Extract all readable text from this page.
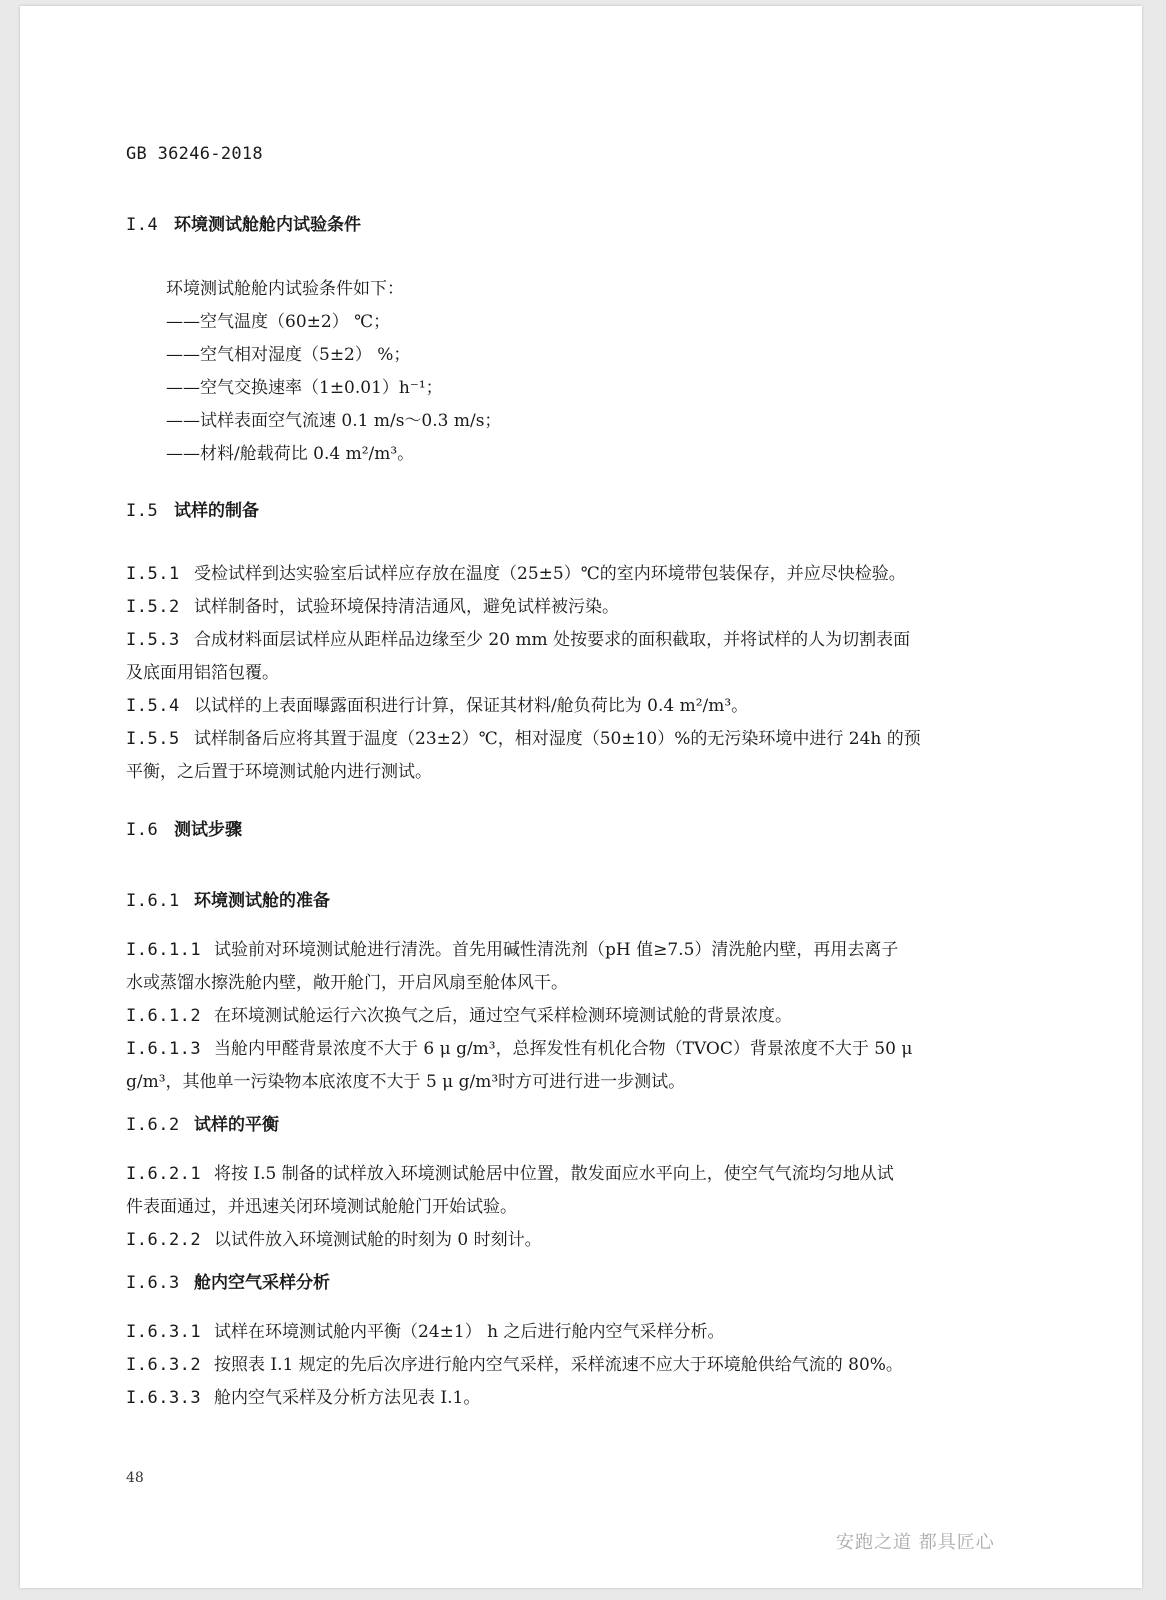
GB 36246-2018
I.4 环境测试舱舱内试验条件
环境测试舱舱内试验条件如下：
——空气温度（60±2） ℃；
——空气相对湿度（5±2） %；
——空气交换速率（1±0.01）h⁻¹；
——试样表面空气流速 0.1 m/s～0.3 m/s；
——材料/舱载荷比 0.4 m²/m³。
I.5 试样的制备
I.5.1 受检试样到达实验室后试样应存放在温度（25±5）℃的室内环境带包装保存，并应尽快检验。
I.5.2 试样制备时，试验环境保持清洁通风，避免试样被污染。
I.5.3 合成材料面层试样应从距样品边缘至少 20 mm 处按要求的面积截取，并将试样的人为切割表面
及底面用铝箔包覆。
I.5.4 以试样的上表面曝露面积进行计算，保证其材料/舱负荷比为 0.4 m²/m³。
I.5.5 试样制备后应将其置于温度（23±2）℃，相对湿度（50±10）%的无污染环境中进行 24h 的预
平衡，之后置于环境测试舱内进行测试。
I.6 测试步骤
I.6.1 环境测试舱的准备
I.6.1.1 试验前对环境测试舱进行清洗。首先用碱性清洗剂（pH 值≥7.5）清洗舱内壁，再用去离子
水或蒸馏水擦洗舱内壁，敞开舱门，开启风扇至舱体风干。
I.6.1.2 在环境测试舱运行六次换气之后，通过空气采样检测环境测试舱的背景浓度。
I.6.1.3 当舱内甲醛背景浓度不大于 6 μ g/m³，总挥发性有机化合物（TVOC）背景浓度不大于 50 μ
g/m³，其他单一污染物本底浓度不大于 5 μ g/m³时方可进行进一步测试。
I.6.2 试样的平衡
I.6.2.1 将按 I.5 制备的试样放入环境测试舱居中位置，散发面应水平向上，使空气气流均匀地从试
件表面通过，并迅速关闭环境测试舱舱门开始试验。
I.6.2.2 以试件放入环境测试舱的时刻为 0 时刻计。
I.6.3 舱内空气采样分析
I.6.3.1 试样在环境测试舱内平衡（24±1） h 之后进行舱内空气采样分析。
I.6.3.2 按照表 I.1 规定的先后次序进行舱内空气采样，采样流速不应大于环境舱供给气流的 80%。
I.6.3.3 舱内空气采样及分析方法见表 I.1。
48
安跑之道 都具匠心
